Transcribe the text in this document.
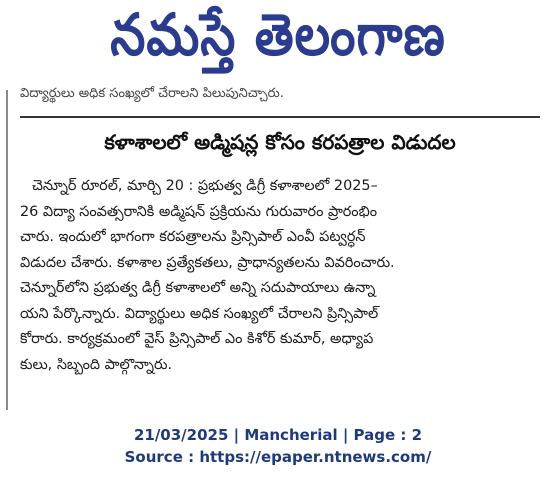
నమస్తే తెలంగాణ
విద్యార్థులు అధిక సంఖ్యలో చేరాలని పిలుపునిచ్చారు.
కళాశాలలో అడ్మిషన్ల కోసం కరపత్రాల విడుదల
చెన్నూర్ రూరల్, మార్చి 20 : ప్రభుత్వ డిగ్రీ కళాశాలలో 2025–
26 విద్యా సంవత్సరానికి అడ్మిషన్ ప్రక్రియను గురువారం ప్రారంభిం
చారు. ఇందులో భాగంగా కరపత్రాలను ప్రిన్సిపాల్ ఎంవీ పట్వర్ధన్
విడుదల చేశారు. కళాశాల ప్రత్యేకతలు, ప్రాధాన్యతలను వివరించారు.
చెన్నూర్‌లోని ప్రభుత్వ డిగ్రీ కళాశాలలో అన్ని సదుపాయాలు ఉన్నా
యని పేర్కొన్నారు. విద్యార్థులు అధిక సంఖ్యలో చేరాలని ప్రిన్సిపాల్
కోరారు. కార్యక్రమంలో వైస్ ప్రిన్సిపాల్ ఎం కిశోర్ కుమార్, అధ్యాప
కులు, సిబ్బంది పాల్గొన్నారు.
21/03/2025 | Mancherial | Page : 2
Source : https://epaper.ntnews.com/
